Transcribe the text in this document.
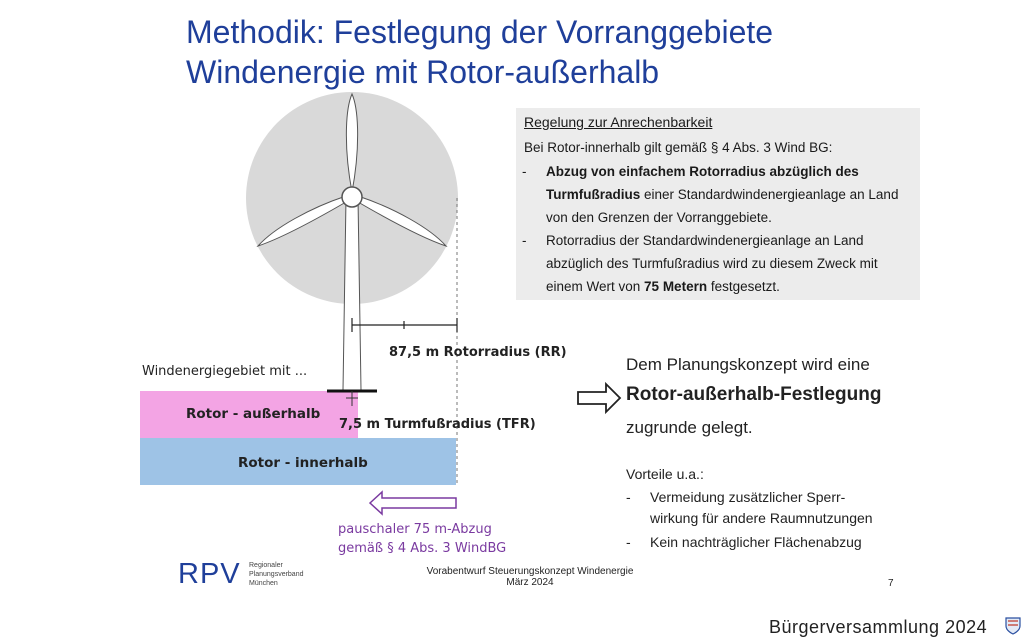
Methodik: Festlegung der Vorranggebiete
Windenergie mit Rotor-außerhalb
Regelung zur Anrechenbarkeit
Bei Rotor-innerhalb gilt gemäß § 4 Abs. 3 Wind BG:
- Abzug von einfachem Rotorradius abzüglich des Turmfußradius einer Standardwindenergieanlage an Land von den Grenzen der Vorranggebiete.
- Rotorradius der Standardwindenergieanlage an Land abzüglich des Turmfußradius wird zu diesem Zweck mit einem Wert von 75 Metern festgesetzt.
87,5 m Rotorradius (RR)
Windenergiegebiet mit ...
Rotor - außerhalb
Rotor - innerhalb
7,5 m Turmfußradius (TFR)
pauschaler 75 m-Abzug
gemäß § 4 Abs. 3 WindBG
Dem Planungskonzept wird eine
Rotor-außerhalb-Festlegung
zugrunde gelegt.
Vorteile u.a.:
- Vermeidung zusätzlicher Sperr-
wirkung für andere Raumnutzungen
- Kein nachträglicher Flächenabzug
RPV Regionaler
Planungsverband
München
Vorabentwurf Steuerungskonzept Windenergie
März 2024	7
Bürgerversammlung 2024
